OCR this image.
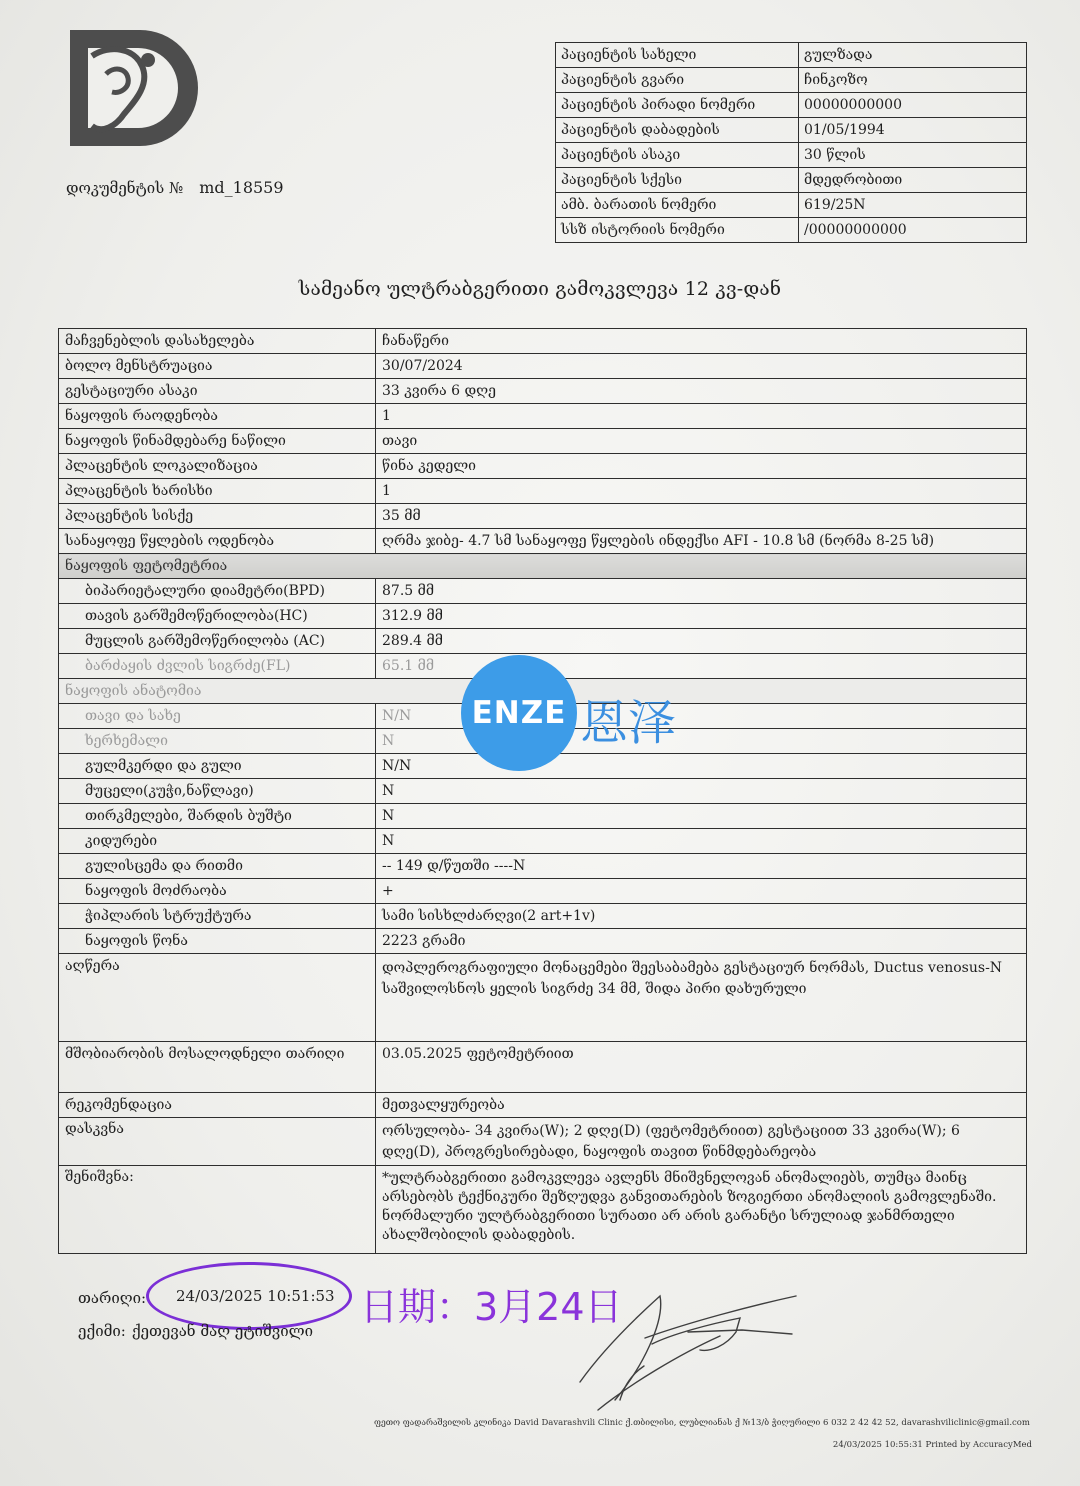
დოკუმენტის № md_18559
პაციენტის სახელი	გულზადა
პაციენტის გვარი	ჩინკოზო
პაციენტის პირადი ნომერი	00000000000
პაციენტის დაბადების	01/05/1994
პაციენტის ასაკი	30 წლის
პაციენტის სქესი	მდედრობითი
ამბ. ბარათის ნომერი	619/25N
სსზ ისტორიის ნომერი	/00000000000
სამეანო ულტრაბგერითი გამოკვლევა 12 კვ-დან
მაჩვენებლის დასახელება	ჩანაწერი
ბოლო მენსტრუაცია	30/07/2024
გესტაციური ასაკი	33 კვირა 6 დღე
ნაყოფის რაოდენობა	1
ნაყოფის წინამდებარე ნაწილი	თავი
პლაცენტის ლოკალიზაცია	წინა კედელი
პლაცენტის ხარისხი	1
პლაცენტის სისქე	35 მმ
სანაყოფე წყლების ოდენობა	ღრმა ჯიბე- 4.7 სმ სანაყოფე წყლების ინდექსი AFI - 10.8 სმ (ნორმა 8-25 სმ)
ნაყოფის ფეტომეტრია	
ბიპარიეტალური დიამეტრი(BPD)	87.5 მმ
თავის გარშემოწერილობა(HC)	312.9 მმ
მუცლის გარშემოწერილობა (AC)	289.4 მმ
ბარძაყის ძვლის სიგრძე(FL)	65.1 მმ
ნაყოფის ანატომია	
თავი და სახე	N/N
ხერხემალი	N
გულმკერდი და გული	N/N
მუცელი(კუჭი,ნაწლავი)	N
თირკმელები, შარდის ბუშტი	N
კიდურები	N
გულისცემა და რითმი	-- 149 დ/წუთში ----N
ნაყოფის მოძრაობა	+
ჭიპლარის სტრუქტურა	სამი სისხლძარღვი(2 art+1v)
ნაყოფის წონა	2223 გრამი
აღწერა	დოპლეროგრაფიული მონაცემები შეესაბამება გესტაციურ ნორმას, Ductus venosus-N
საშვილოსნოს ყელის სიგრძე 34 მმ, შიდა პირი დახურული

მშობიარობის მოსალოდნელი თარიღი	03.05.2025 ფეტომეტრიით
რეკომენდაცია	მეთვალყურეობა
დასკვნა	ორსულობა- 34 კვირა(W); 2 დღე(D) (ფეტომეტრიით) გესტაციით 33 კვირა(W); 6 დღე(D), პროგრესირებადი, ნაყოფის თავით წინმდებარეობა
შენიშვნა:	*ულტრაბგერითი გამოკვლევა ავლენს მნიშვნელოვან ანომალიებს, თუმცა მაინც არსებობს ტექნიკური შეზღუდვა განვითარების ზოგიერთი ანომალიის გამოვლენაში. ნორმალური ულტრაბგერითი სურათი არ არის გარანტი სრულიად ჯანმრთელი ახალშობილის დაბადების.
ENZE 恩泽
თარიღი: 24/03/2025 10:51:53 日期：3月24日
ექიმი: ქეთევან მაღ ეტიშვილი
ფეთო ფადარაშვილის კლინიკა David Davarashvili Clinic ქ.თბილისი, ლუბლიანას ქ №13/ბ ჭიღურილი 6 032 2 42 42 52, davarashviliclinic@gmail.com
24/03/2025 10:55:31 Printed by AccuracyMed
